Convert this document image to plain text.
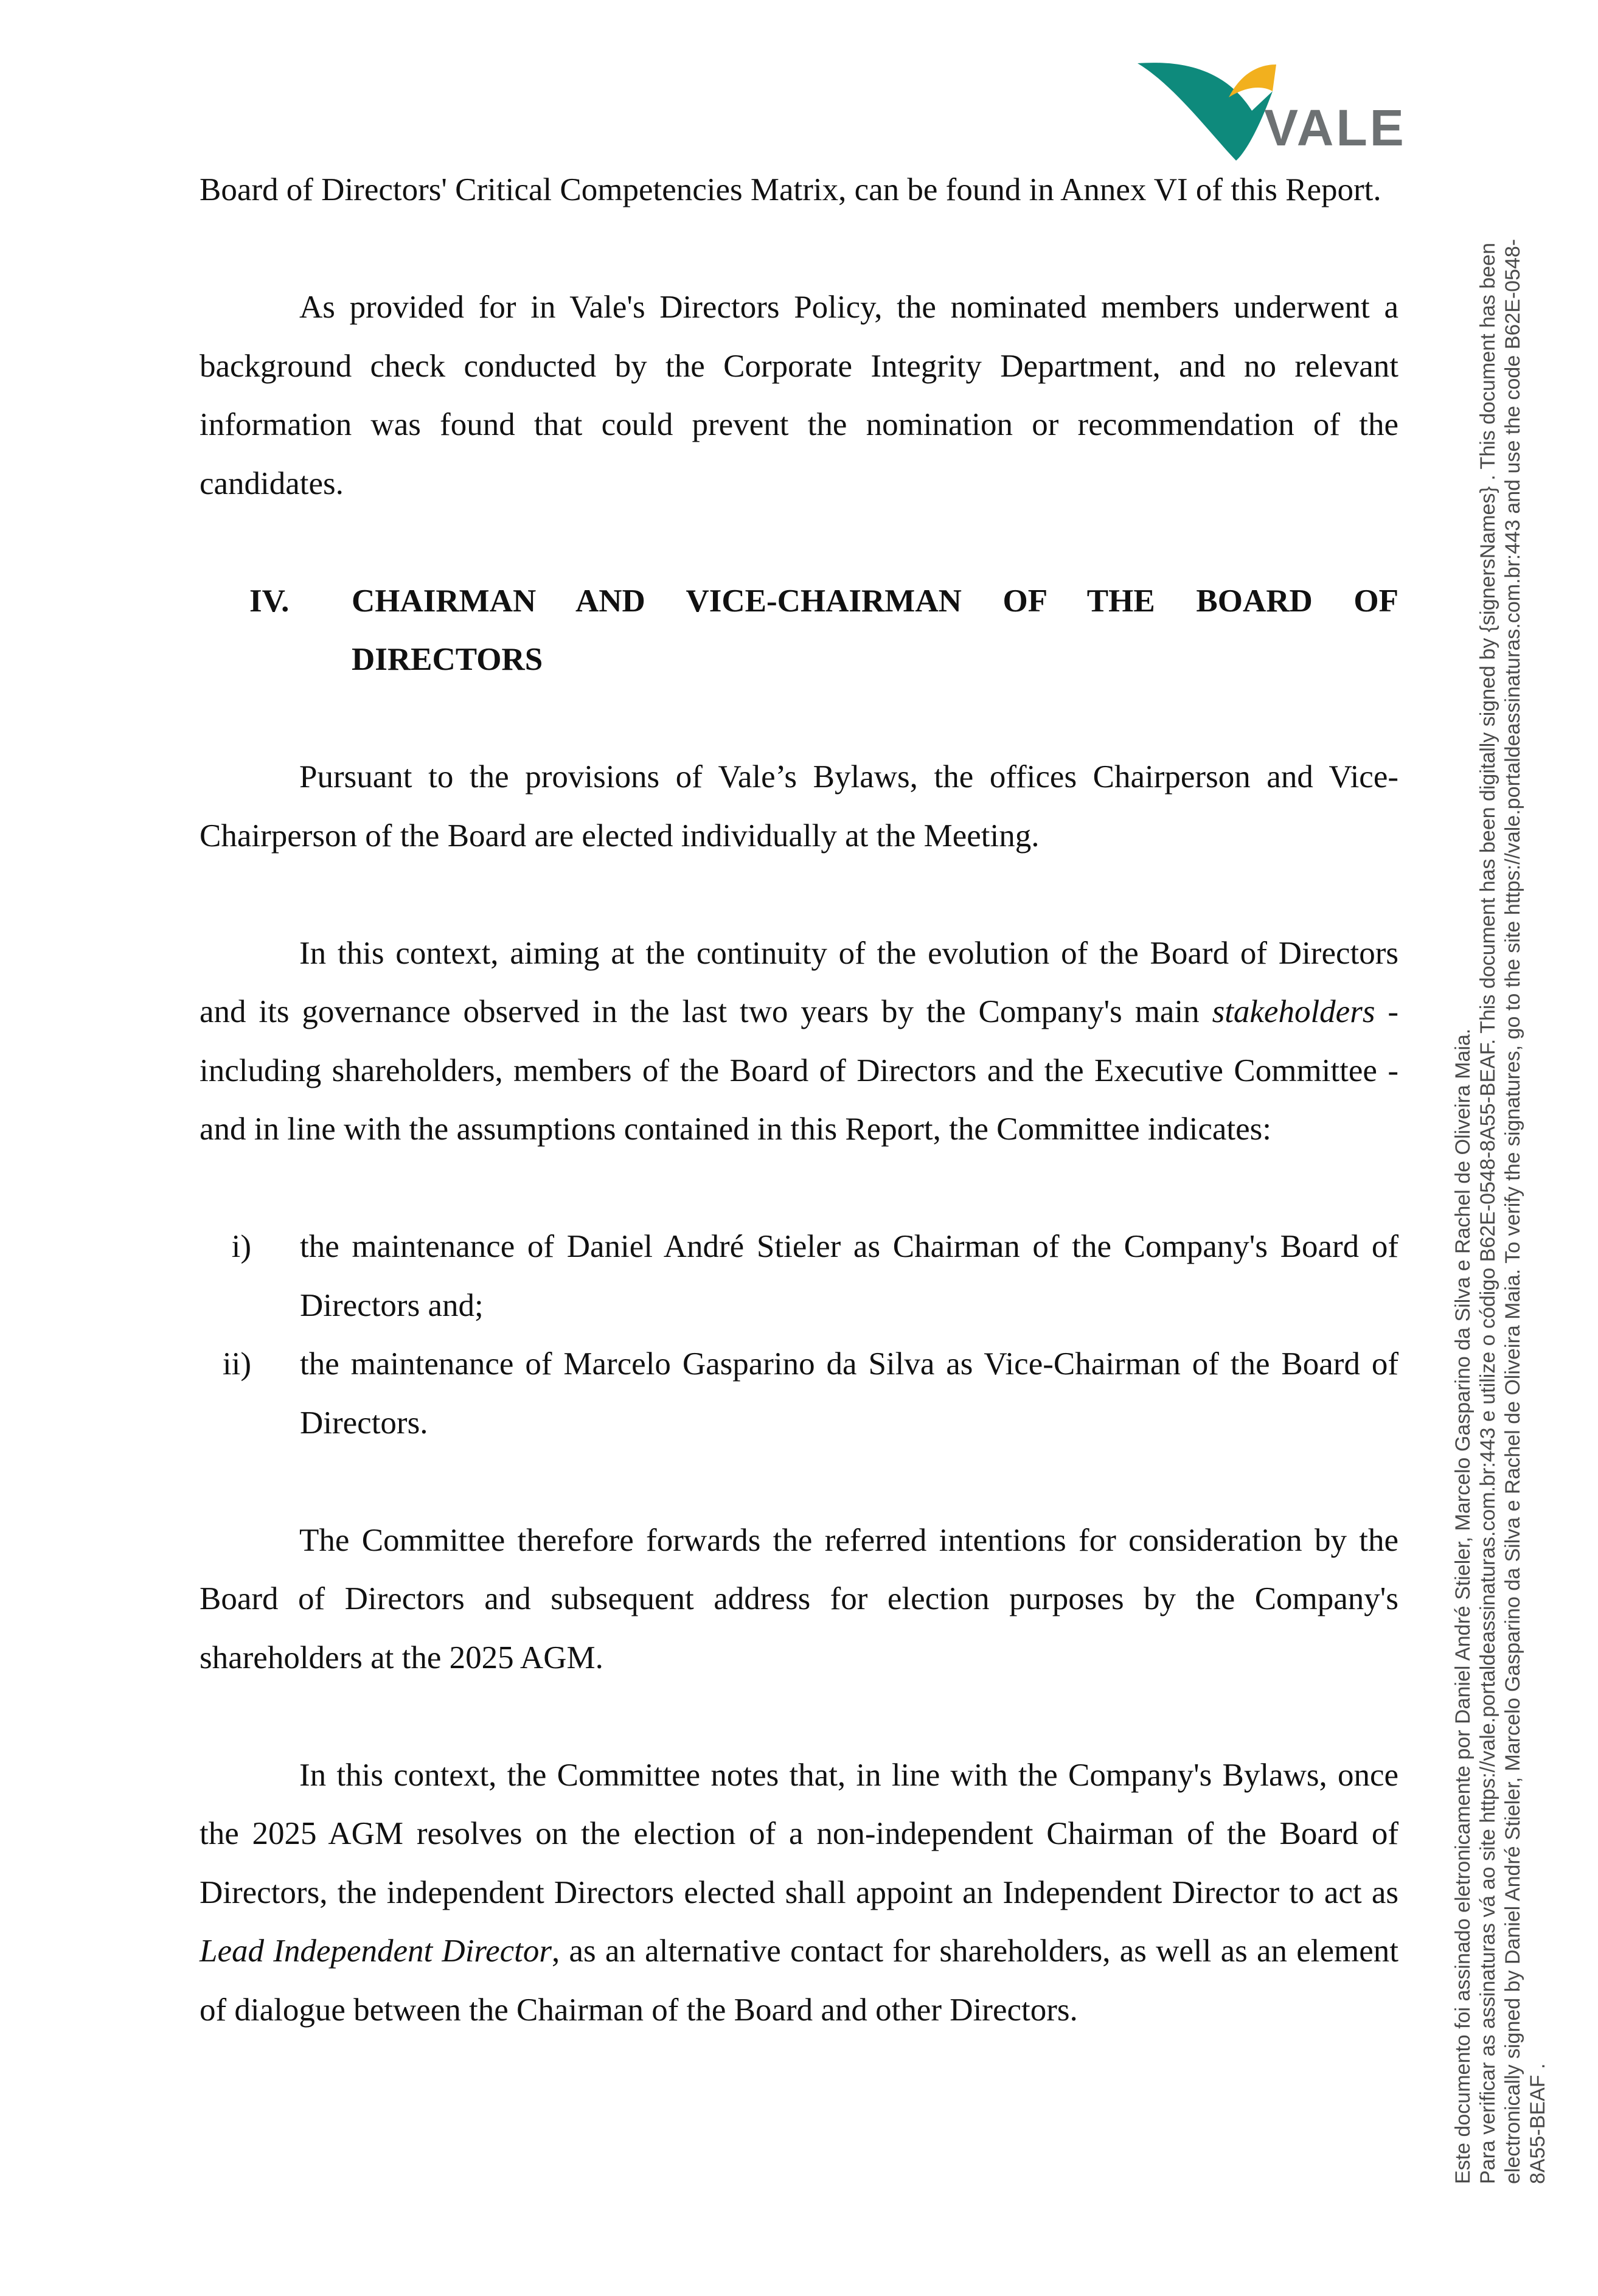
VALE

Board of Directors' Critical Competencies Matrix, can be found in Annex VI of this Report.

As provided for in Vale's Directors Policy, the nominated members underwent a background check conducted by the Corporate Integrity Department, and no relevant information was found that could prevent the nomination or recommendation of the candidates.

IV. CHAIRMAN AND VICE-CHAIRMAN OF THE BOARD OF
DIRECTORS

Pursuant to the provisions of Vale’s Bylaws, the offices Chairperson and Vice-Chairperson of the Board are elected individually at the Meeting.

In this context, aiming at the continuity of the evolution of the Board of Directors and its governance observed in the last two years by the Company's main stakeholders - including shareholders, members of the Board of Directors and the Executive Committee - and in line with the assumptions contained in this Report, the Committee indicates:

i) the maintenance of Daniel André Stieler as Chairman of the Company's Board of Directors and;
ii) the maintenance of Marcelo Gasparino da Silva as Vice-Chairman of the Board of Directors.

The Committee therefore forwards the referred intentions for consideration by the Board of Directors and subsequent address for election purposes by the Company's shareholders at the 2025 AGM.

In this context, the Committee notes that, in line with the Company's Bylaws, once the 2025 AGM resolves on the election of a non-independent Chairman of the Board of Directors, the independent Directors elected shall appoint an Independent Director to act as Lead Independent Director, as an alternative contact for shareholders, as well as an element of dialogue between the Chairman of the Board and other Directors.	Este documento foi assinado eletronicamente por Daniel André Stieler, Marcelo Gasparino da Silva e Rachel de Oliveira Maia. Para verificar as assinaturas vá ao site https://vale.portaldeassinaturas.com.br:443 e utilize o código B62E-0548-8A55-BEAF. This document has been digitally signed by {signersNames} . This document has been electronically signed by Daniel André Stieler, Marcelo Gasparino da Silva e Rachel de Oliveira Maia. To verify the signatures, go to the site https://vale.portaldeassinaturas.com.br:443 and use the code B62E-0548- 8A55-BEAF .
